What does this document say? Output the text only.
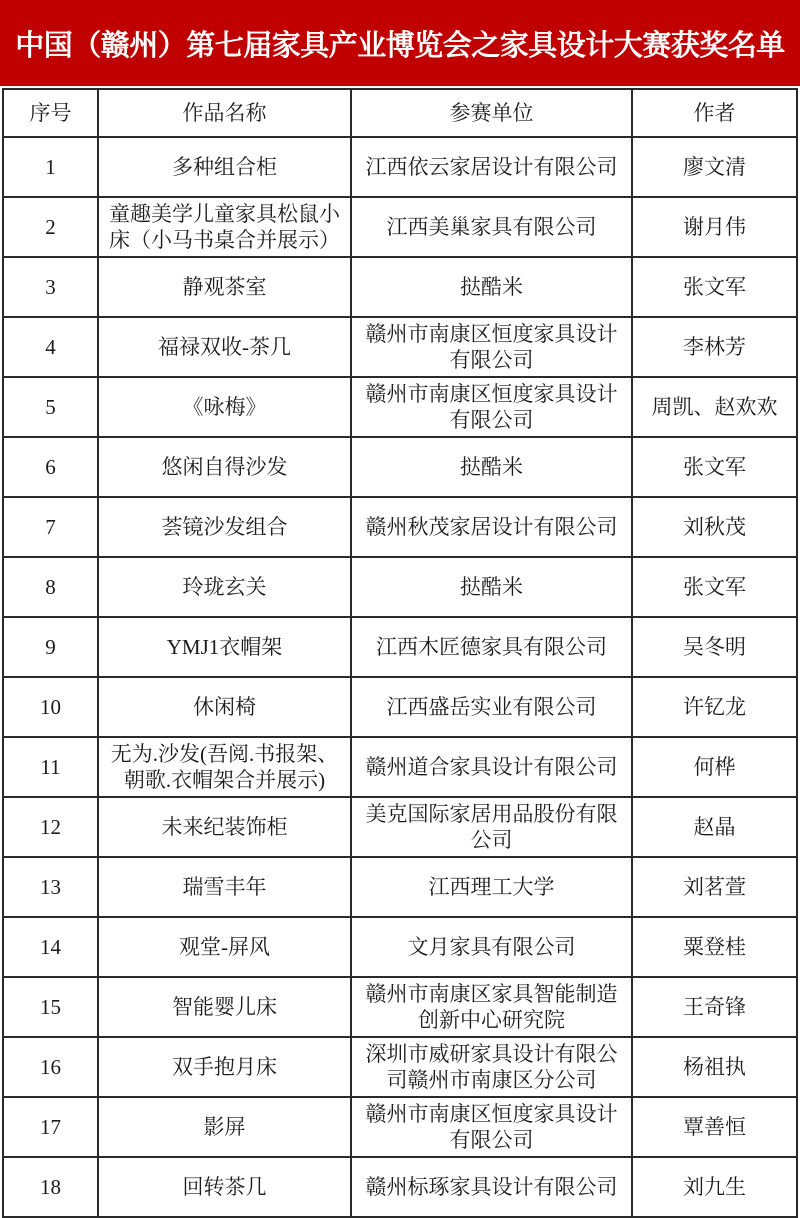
中国（赣州）第七届家具产业博览会之家具设计大赛获奖名单
序号	作品名称	参赛单位	作者
1	多种组合柜	江西依云家居设计有限公司	廖文清
2	童趣美学儿童家具松鼠小床（小马书桌合并展示）	江西美巢家具有限公司	谢月伟
3	静观茶室	挞酷米	张文军
4	福禄双收-茶几	赣州市南康区恒度家具设计有限公司	李林芳
5	《咏梅》	赣州市南康区恒度家具设计有限公司	周凯、赵欢欢
6	悠闲自得沙发	挞酷米	张文军
7	荟镜沙发组合	赣州秋茂家居设计有限公司	刘秋茂
8	玲珑玄关	挞酷米	张文军
9	YMJ1衣帽架	江西木匠德家具有限公司	吴冬明
10	休闲椅	江西盛岳实业有限公司	许钇龙
11	无为.沙发(吾阅.书报架、朝歌.衣帽架合并展示)	赣州道合家具设计有限公司	何桦
12	未来纪装饰柜	美克国际家居用品股份有限公司	赵晶
13	瑞雪丰年	江西理工大学	刘茗萱
14	观堂-屏风	文月家具有限公司	粟登桂
15	智能婴儿床	赣州市南康区家具智能制造创新中心研究院	王奇锋
16	双手抱月床	深圳市威研家具设计有限公司赣州市南康区分公司	杨祖执
17	影屏	赣州市南康区恒度家具设计有限公司	覃善恒
18	回转茶几	赣州标琢家具设计有限公司	刘九生
